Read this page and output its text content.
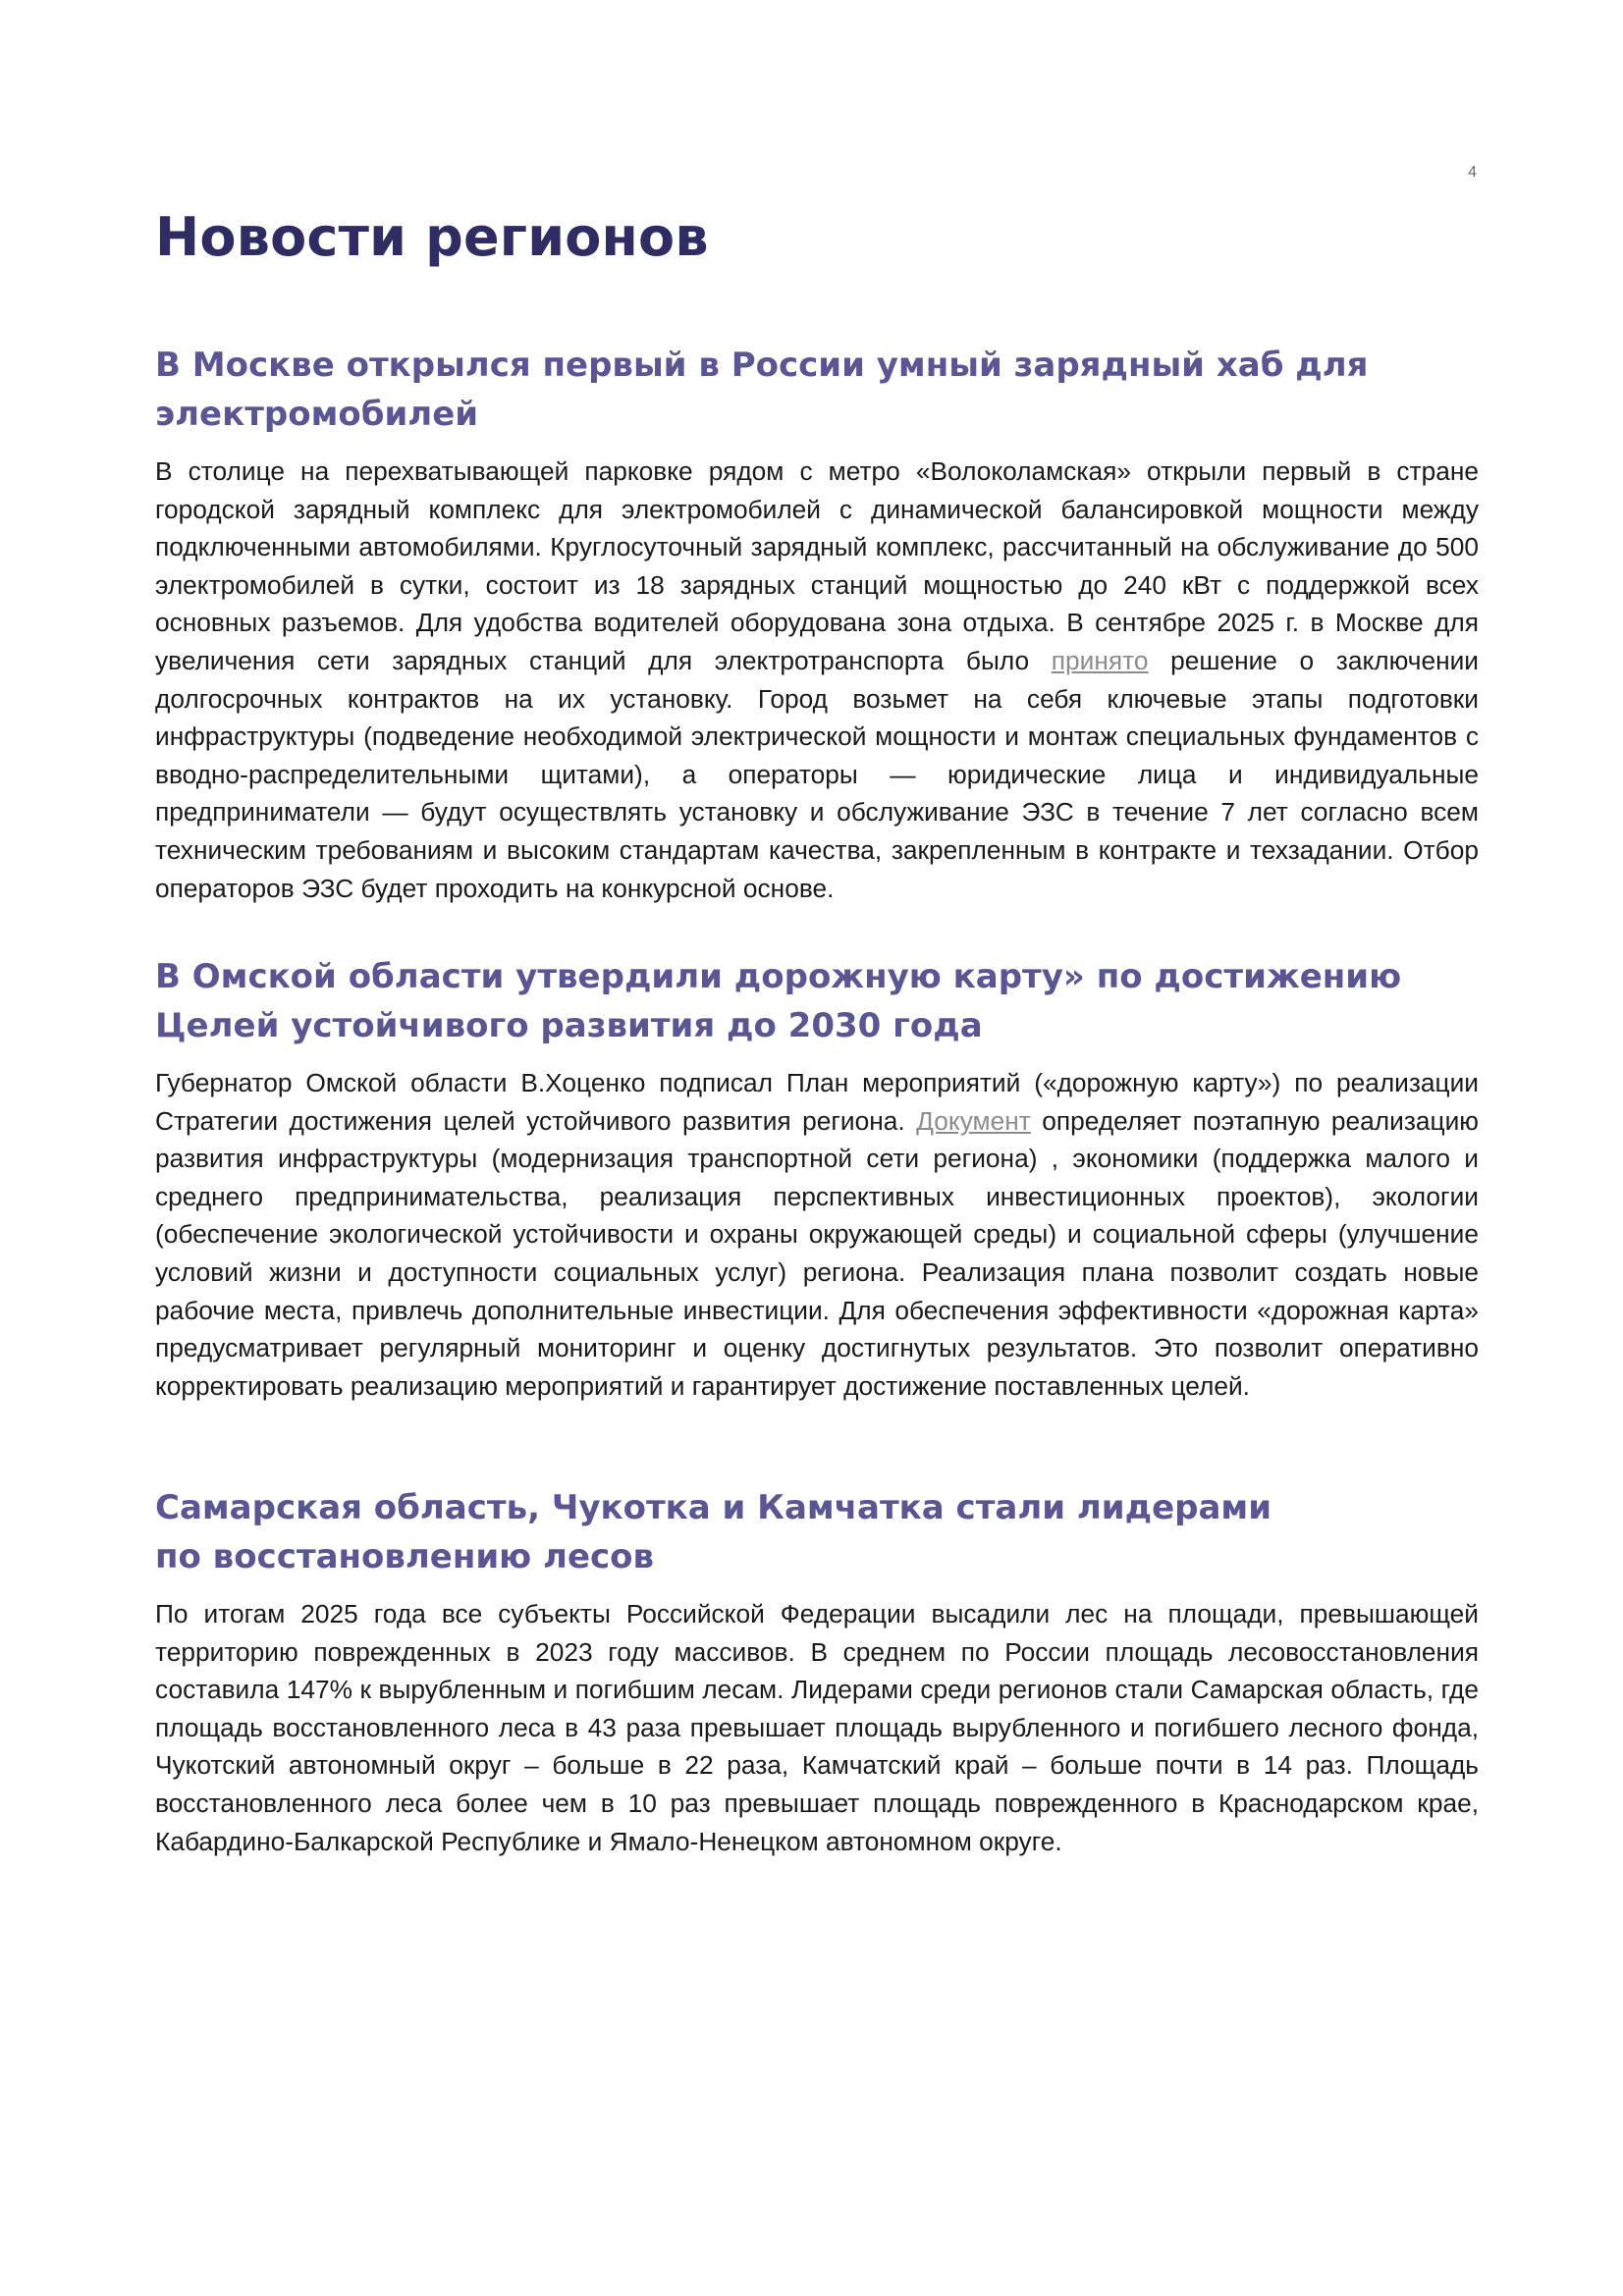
4
Новости регионов
В Москве открылся первый в России умный зарядный хаб для
электромобилей

В столице на перехватывающей парковке рядом с метро «Волоколамская» открыли первый в стране городской зарядный комплекс для электромобилей с динамической балансировкой мощности между подключенными автомобилями. Круглосуточный зарядный комплекс, рассчитанный на обслуживание до 500 электромобилей в сутки, состоит из 18 зарядных станций мощностью до 240 кВт с поддержкой всех основных разъемов. Для удобства водителей оборудована зона отдыха. В сентябре 2025 г. в Москве для увеличения сети зарядных станций для электротранспорта было принято решение о заключении долгосрочных контрактов на их установку. Город возьмет на себя ключевые этапы подготовки инфраструктуры (подведение необходимой электрической мощности и монтаж специальных фундаментов с вводно-распределительными щитами), а операторы — юридические лица и индивидуальные предприниматели — будут осуществлять установку и обслуживание ЭЗС в течение 7 лет согласно всем техническим требованиям и высоким стандартам качества, закрепленным в контракте и техзадании. Отбор операторов ЭЗС будет проходить на конкурсной основе.

В Омской области утвердили дорожную карту» по достижению
Целей устойчивого развития до 2030 года

Губернатор Омской области В.Хоценко подписал План мероприятий («дорожную карту») по реализации Стратегии достижения целей устойчивого развития региона. Документ определяет поэтапную реализацию развития инфраструктуры (модернизация транспортной сети региона) , экономики (поддержка малого и среднего предпринимательства, реализация перспективных инвестиционных проектов), экологии (обеспечение экологической устойчивости и охраны окружающей среды) и социальной сферы (улучшение условий жизни и доступности социальных услуг) региона. Реализация плана позволит создать новые рабочие места, привлечь дополнительные инвестиции. Для обеспечения эффективности «дорожная карта» предусматривает регулярный мониторинг и оценку достигнутых результатов. Это позволит оперативно корректировать реализацию мероприятий и гарантирует достижение поставленных целей.

Самарская область, Чукотка и Камчатка стали лидерами
по восстановлению лесов

По итогам 2025 года все субъекты Российской Федерации высадили лес на площади, превышающей территорию поврежденных в 2023 году массивов. В среднем по России площадь лесовосстановления составила 147% к вырубленным и погибшим лесам. Лидерами среди регионов стали Самарская область, где площадь восстановленного леса в 43 раза превышает площадь вырубленного и погибшего лесного фонда, Чукотский автономный округ – больше в 22 раза, Камчатский край – больше почти в 14 раз. Площадь восстановленного леса более чем в 10 раз превышает площадь поврежденного в Краснодарском крае, Кабардино-Балкарской Республике и Ямало-Ненецком автономном округе.
